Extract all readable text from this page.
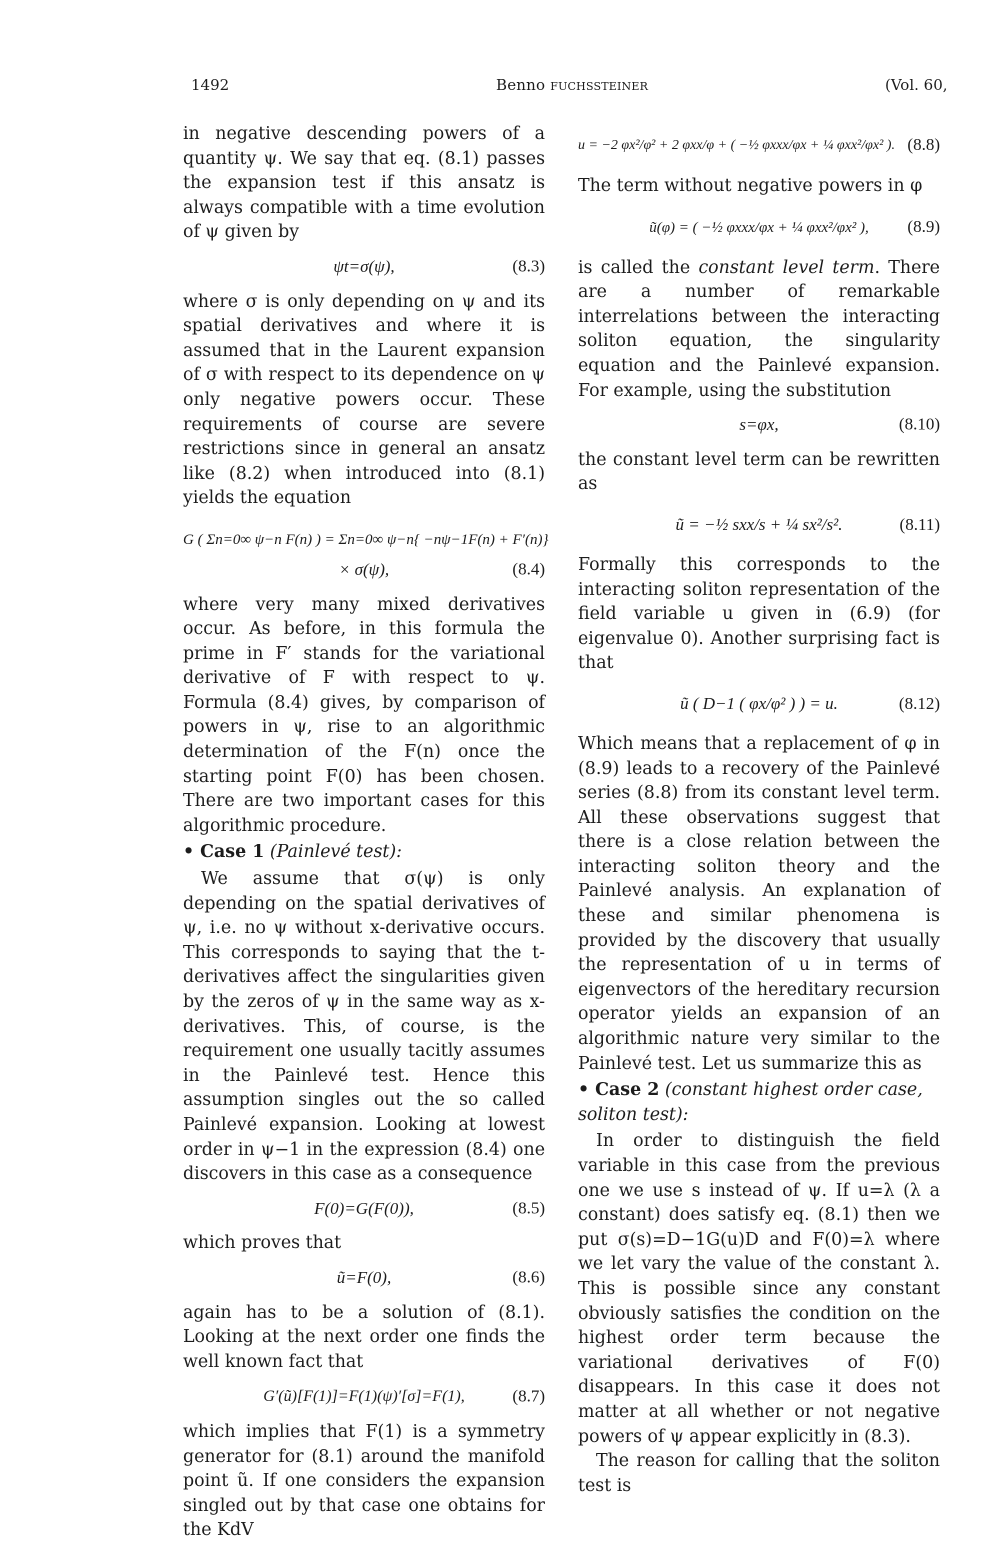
1492	Benno FUCHSSTEINER	(Vol. 60,

in negative descending powers of a quantity ψ. We say that eq. (8.1) passes the expansion test if this ansatz is always compatible with a time evolution of ψ given by

ψt=σ(ψ),	(8.3)

where σ is only depending on ψ and its spatial derivatives and where it is assumed that in the Laurent expansion of σ with respect to its dependence on ψ only negative powers occur. These requirements of course are severe restrictions since in general an ansatz like (8.2) when introduced into (8.1) yields the equation

G ( Σn=0∞ ψ−n F(n) ) = Σn=0∞ ψ−n{ −nψ−1F(n) + F′(n)}
× σ(ψ),	(8.4)

where very many mixed derivatives occur. As before, in this formula the prime in F′ stands for the variational derivative of F with respect to ψ. Formula (8.4) gives, by comparison of powers in ψ, rise to an algorithmic determination of the F(n) once the starting point F(0) has been chosen. There are two important cases for this algorithmic procedure.

• Case 1 (Painlevé test):

We assume that σ(ψ) is only depending on the spatial derivatives of ψ, i.e. no ψ without x-derivative occurs. This corresponds to saying that the t-derivatives affect the singularities given by the zeros of ψ in the same way as x-derivatives. This, of course, is the requirement one usually tacitly assumes in the Painlevé test. Hence this assumption singles out the so called Painlevé expansion. Looking at lowest order in ψ−1 in the expression (8.4) one discovers in this case as a consequence

F(0)=G(F(0)),	(8.5)

which proves that

ũ=F(0),	(8.6)

again has to be a solution of (8.1). Looking at the next order one finds the well known fact that

G′(ũ)[F(1)]=F(1)(ψ)′[σ]=F(1),	(8.7)

which implies that F(1) is a symmetry generator for (8.1) around the manifold point ũ. If one considers the expansion singled out by that case one obtains for the KdV

u = −2 φx²/φ² + 2 φxx/φ + ( −½ φxxx/φx + ¼ φxx²/φx² ). (8.8)

The term without negative powers in φ

ũ(φ) = ( −½ φxxx/φx + ¼ φxx²/φx² ), (8.9)

is called the constant level term. There are a number of remarkable interrelations between the interacting soliton equation, the singularity equation and the Painlevé expansion. For example, using the substitution

s=φx,	(8.10)

the constant level term can be rewritten as

ũ = −½ sxx/s + ¼ sx²/s².	(8.11)

Formally this corresponds to the interacting soliton representation of the field variable u given in (6.9) (for eigenvalue 0). Another surprising fact is that

ũ ( D−1 ( φx/φ² ) ) = u.	(8.12)

Which means that a replacement of φ in (8.9) leads to a recovery of the Painlevé series (8.8) from its constant level term. All these observations suggest that there is a close relation between the interacting soliton theory and the Painlevé analysis. An explanation of these and similar phenomena is provided by the discovery that usually the representation of u in terms of eigenvectors of the hereditary recursion operator yields an expansion of an algorithmic nature very similar to the Painlevé test. Let us summarize this as

• Case 2 (constant highest order case, soliton test):

In order to distinguish the field variable in this case from the previous one we use s instead of ψ. If u=λ (λ a constant) does satisfy eq. (8.1) then we put σ(s)=D−1G(u)D and F(0)=λ where we let vary the value of the constant λ. This is possible since any constant obviously satisfies the condition on the highest order term because the variational derivatives of F(0) disappears. In this case it does not matter at all whether or not negative powers of ψ appear explicitly in (8.3).

The reason for calling that the soliton test is
